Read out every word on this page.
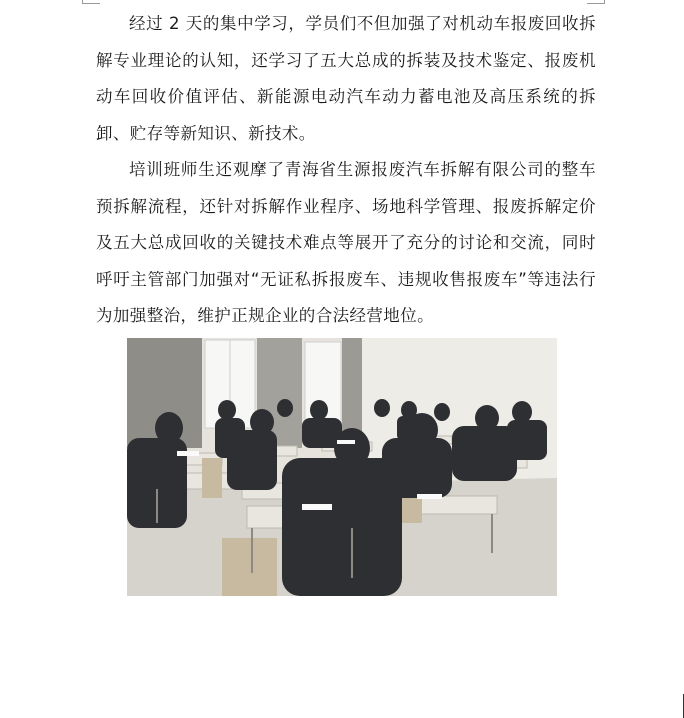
经过 2 天的集中学习，学员们不但加强了对机动车报废回收拆解专业理论的认知，还学习了五大总成的拆装及技术鉴定、报废机动车回收价值评估、新能源电动汽车动力蓄电池及高压系统的拆卸、贮存等新知识、新技术。

培训班师生还观摩了青海省生源报废汽车拆解有限公司的整车预拆解流程，还针对拆解作业程序、场地科学管理、报废拆解定价及五大总成回收的关键技术难点等展开了充分的讨论和交流，同时呼吁主管部门加强对“无证私拆报废车、违规收售报废车”等违法行为加强整治，维护正规企业的合法经营地位。
